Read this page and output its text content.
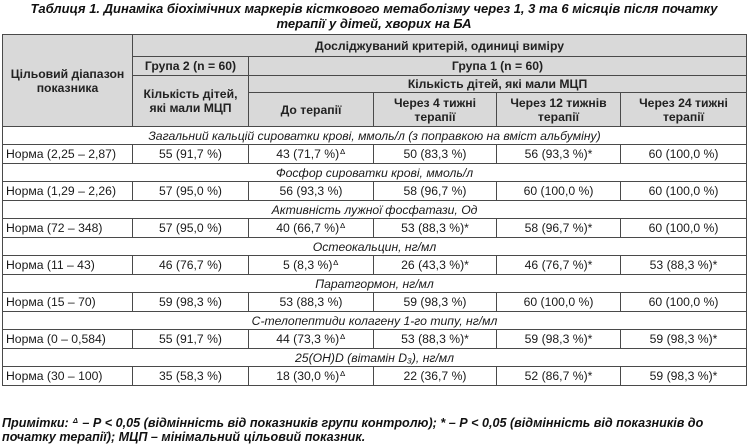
Таблиця 1. Динаміка біохімічних маркерів кісткового метаболізму через 1, 3 та 6 місяців після початку
терапії у дітей, хворих на БА
Цільовий діапазон показника	Досліджуваний критерій, одиниці виміру				
	Група 2 (n = 60)	Група 1 (n = 60)			
	Кількість дітей, які мали МЦП	Кількість дітей, які мали МЦП			
		До терапії	Через 4 тижні терапії	Через 12 тижнів терапії	Через 24 тижні терапії
Загальний кальцій сироватки крові, ммоль/л (з поправкою на вміст альбуміну)					
Норма (2,25 – 2,87)	55 (91,7 %)	43 (71,7 %)ᐞ	50 (83,3 %)	56 (93,3 %)*	60 (100,0 %)
Фосфор сироватки крові, ммоль/л					
Норма (1,29 – 2,26)	57 (95,0 %)	56 (93,3 %)	58 (96,7 %)	60 (100,0 %)	60 (100,0 %)
Активність лужної фосфатази, Од					
Норма (72 – 348)	57 (95,0 %)	40 (66,7 %)ᐞ	53 (88,3 %)*	58 (96,7 %)*	60 (100,0 %)
Остеокальцин, нг/мл					
Норма (11 – 43)	46 (76,7 %)	5 (8,3 %)ᐞ	26 (43,3 %)*	46 (76,7 %)*	53 (88,3 %)*
Паратгормон, нг/мл					
Норма (15 – 70)	59 (98,3 %)	53 (88,3 %)	59 (98,3 %)	60 (100,0 %)	60 (100,0 %)
С-телопептиди колагену 1-го типу, нг/мл					
Норма (0 – 0,584)	55 (91,7 %)	44 (73,3 %)ᐞ	53 (88,3 %)*	59 (98,3 %)*	59 (98,3 %)*
25(OH)D (вітамін D₃), нг/мл					
Норма (30 – 100)	35 (58,3 %)	18 (30,0 %)ᐞ	22 (36,7 %)	52 (86,7 %)*	59 (98,3 %)*
Примітки: ᐞ – Р < 0,05 (відмінність від показників групи контролю); * – Р < 0,05 (відмінність від показників до початку терапії); МЦП – мінімальний цільовий показник.
